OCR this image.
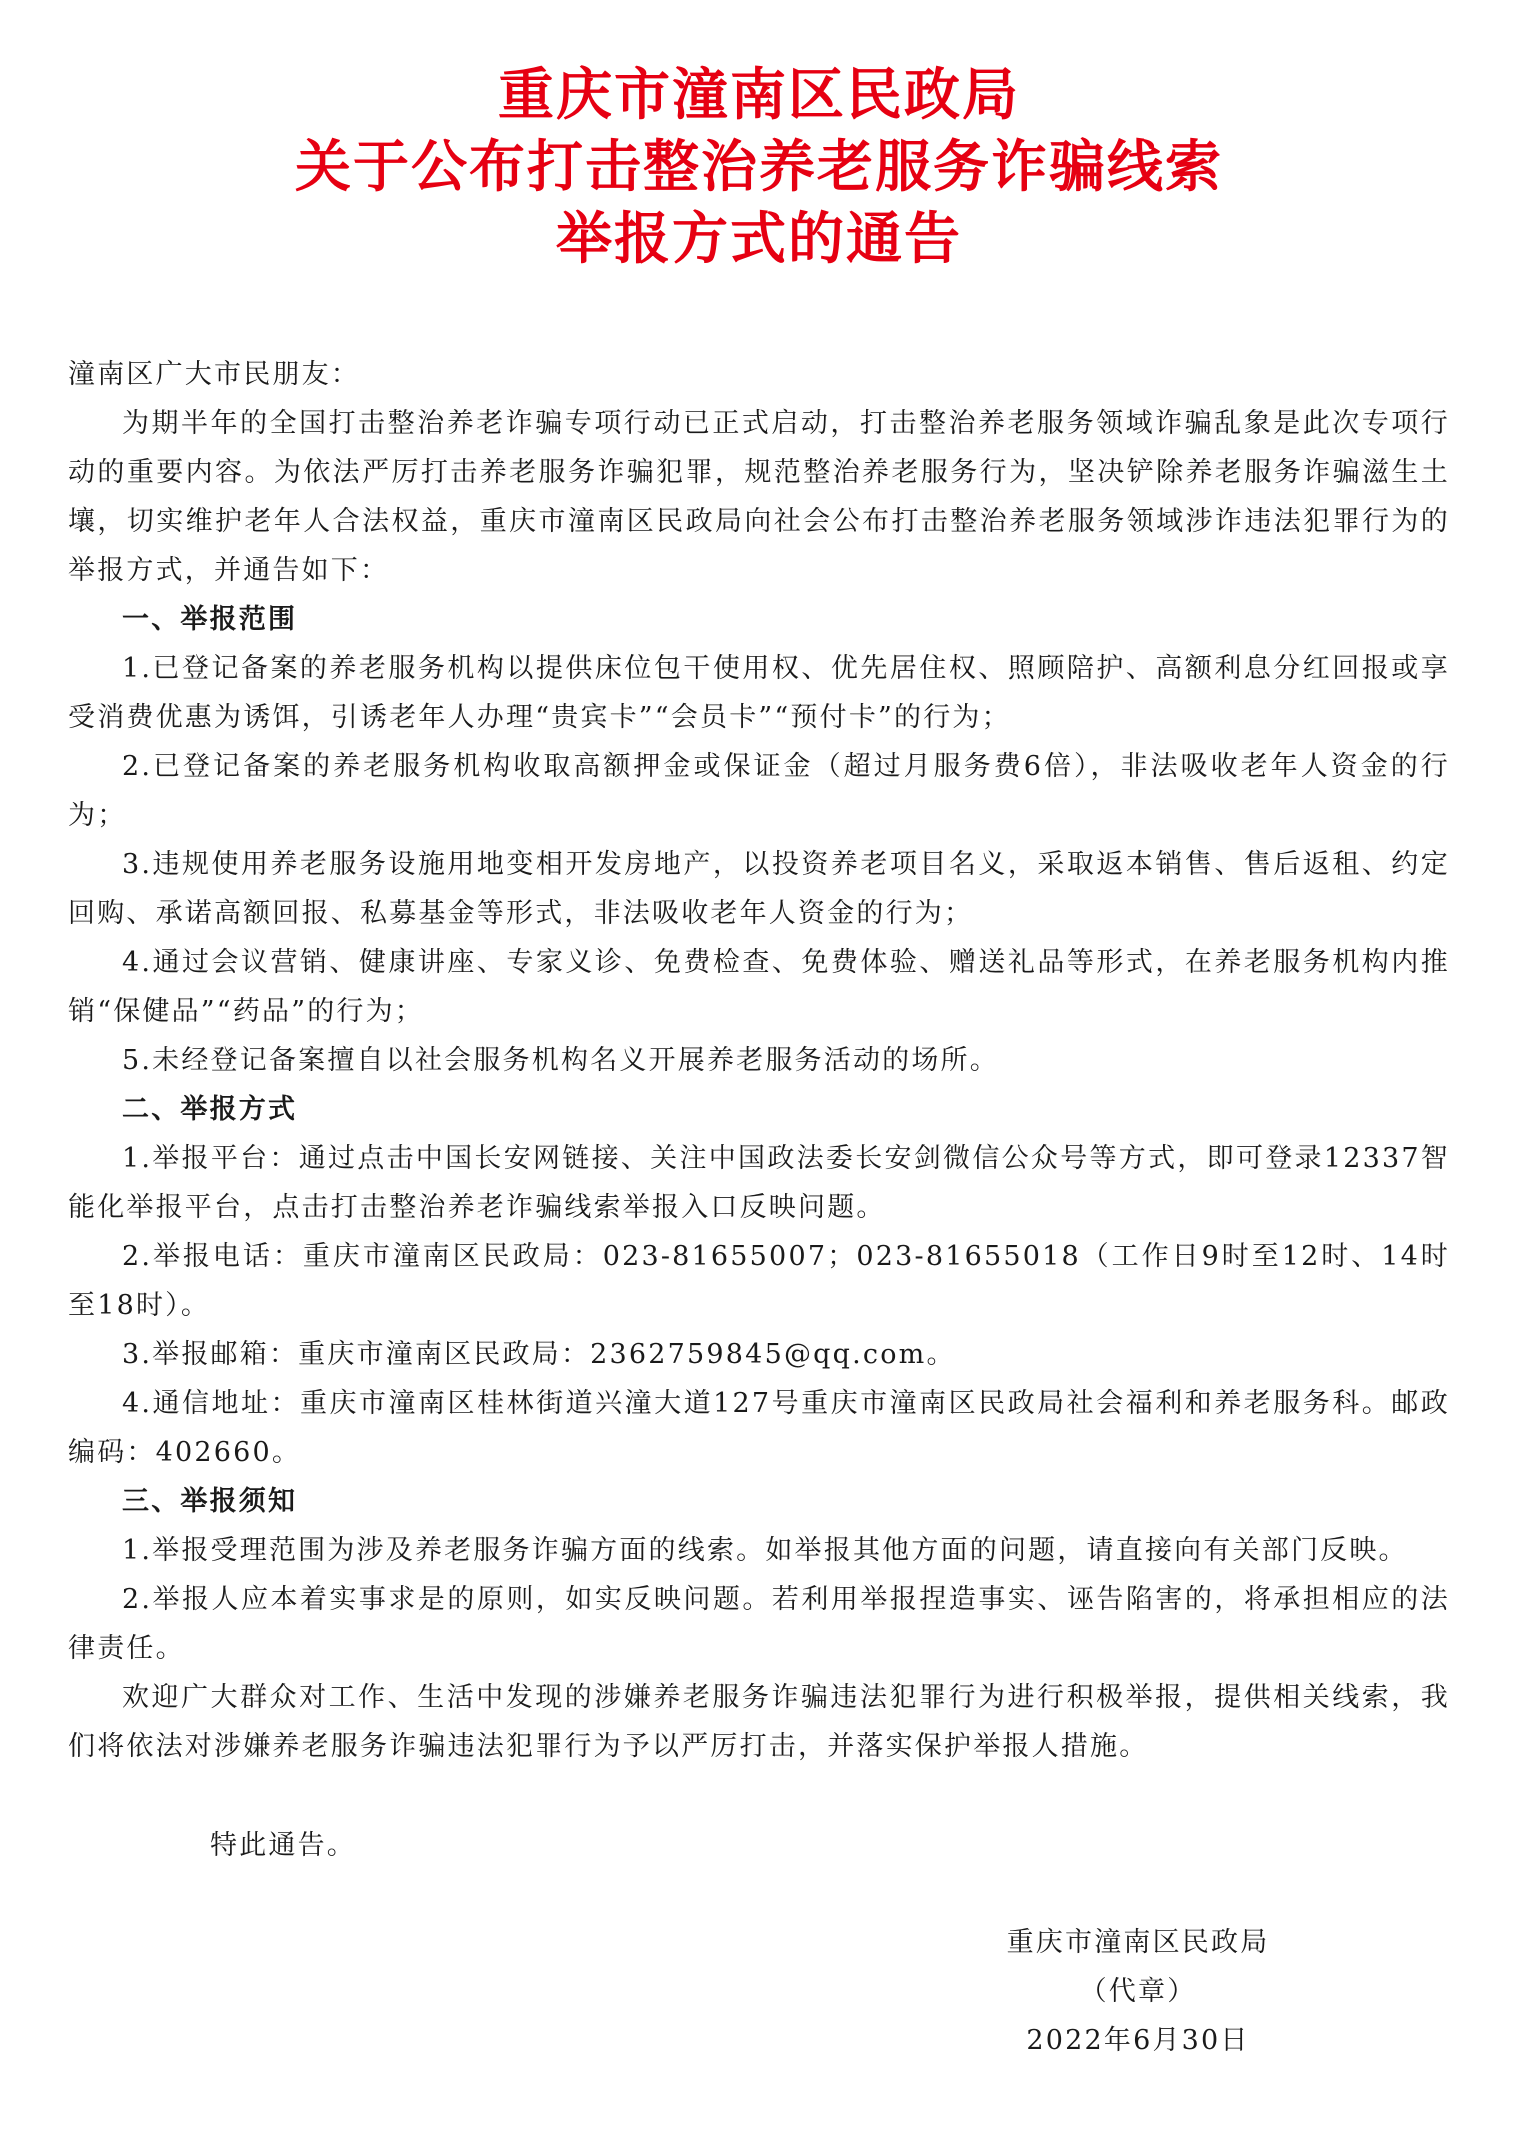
重庆市潼南区民政局
关于公布打击整治养老服务诈骗线索
举报方式的通告

潼南区广大市民朋友：

为期半年的全国打击整治养老诈骗专项行动已正式启动，打击整治养老服务领域诈骗乱象是此次专项行动的重要内容。为依法严厉打击养老服务诈骗犯罪，规范整治养老服务行为，坚决铲除养老服务诈骗滋生土壤，切实维护老年人合法权益，重庆市潼南区民政局向社会公布打击整治养老服务领域涉诈违法犯罪行为的举报方式，并通告如下：

一、举报范围

1.已登记备案的养老服务机构以提供床位包干使用权、优先居住权、照顾陪护、高额利息分红回报或享受消费优惠为诱饵，引诱老年人办理“贵宾卡”“会员卡”“预付卡”的行为；

2.已登记备案的养老服务机构收取高额押金或保证金（超过月服务费6倍），非法吸收老年人资金的行为；

3.违规使用养老服务设施用地变相开发房地产，以投资养老项目名义，采取返本销售、售后返租、约定回购、承诺高额回报、私募基金等形式，非法吸收老年人资金的行为；

4.通过会议营销、健康讲座、专家义诊、免费检查、免费体验、赠送礼品等形式，在养老服务机构内推销“保健品”“药品”的行为；

5.未经登记备案擅自以社会服务机构名义开展养老服务活动的场所。

二、举报方式

1.举报平台：通过点击中国长安网链接、关注中国政法委长安剑微信公众号等方式，即可登录12337智能化举报平台，点击打击整治养老诈骗线索举报入口反映问题。

2.举报电话：重庆市潼南区民政局：023-81655007；023-81655018（工作日9时至12时、14时至18时）。

3.举报邮箱：重庆市潼南区民政局：2362759845@qq.com。

4.通信地址：重庆市潼南区桂林街道兴潼大道127号重庆市潼南区民政局社会福利和养老服务科。邮政编码：402660。

三、举报须知

1.举报受理范围为涉及养老服务诈骗方面的线索。如举报其他方面的问题，请直接向有关部门反映。

2.举报人应本着实事求是的原则，如实反映问题。若利用举报捏造事实、诬告陷害的，将承担相应的法律责任。

欢迎广大群众对工作、生活中发现的涉嫌养老服务诈骗违法犯罪行为进行积极举报，提供相关线索，我们将依法对涉嫌养老服务诈骗违法犯罪行为予以严厉打击，并落实保护举报人措施。

特此通告。

重庆市潼南区民政局
（代章）
2022年6月30日
